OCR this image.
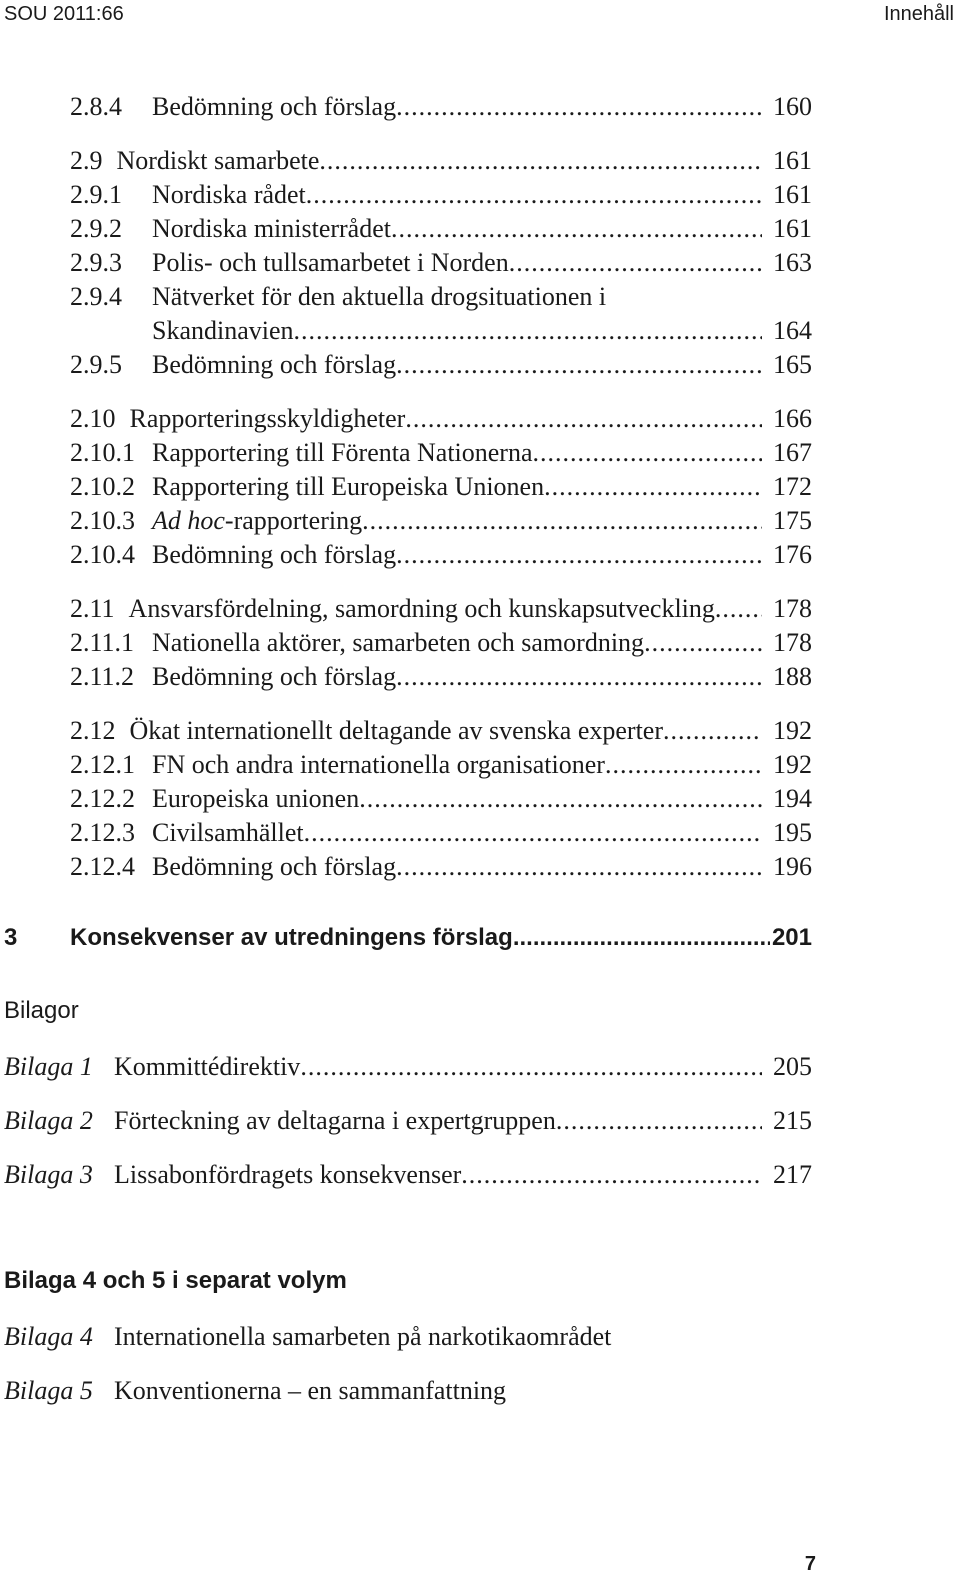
SOU 2011:66	Innehåll
2.8.4	Bedömning och förslag .....	160
2.9 Nordiskt samarbete .....	161
2.9.1	Nordiska rådet .....	161
2.9.2	Nordiska ministerrådet .....	161
2.9.3	Polis- och tullsamarbetet i Norden .....	163
2.9.4	Nätverket för den aktuella drogsituationen i
Skandinavien .....	164
2.9.5	Bedömning och förslag .....	165
2.10 Rapporteringsskyldigheter .....	166
2.10.1 Rapportering till Förenta Nationerna .....	167
2.10.2 Rapportering till Europeiska Unionen .....	172
2.10.3 Ad hoc-rapportering .....	175
2.10.4 Bedömning och förslag .....	176
2.11 Ansvarsfördelning, samordning och kunskapsutveckling .....	178
2.11.1 Nationella aktörer, samarbeten och samordning .....	178
2.11.2 Bedömning och förslag .....	188
2.12 Ökat internationellt deltagande av svenska experter .....	192
2.12.1 FN och andra internationella organisationer .....	192
2.12.2 Europeiska unionen .....	194
2.12.3 Civilsamhället .....	195
2.12.4 Bedömning och förslag .....	196
3	Konsekvenser av utredningens förslag .....	201
Bilagor
Bilaga 1 Kommittédirektiv .....	205
Bilaga 2 Förteckning av deltagarna i expertgruppen .....	215
Bilaga 3 Lissabonfördragets konsekvenser .....	217
Bilaga 4 och 5 i separat volym
Bilaga 4 Internationella samarbeten på narkotikaområdet
Bilaga 5 Konventionerna – en sammanfattning
7
